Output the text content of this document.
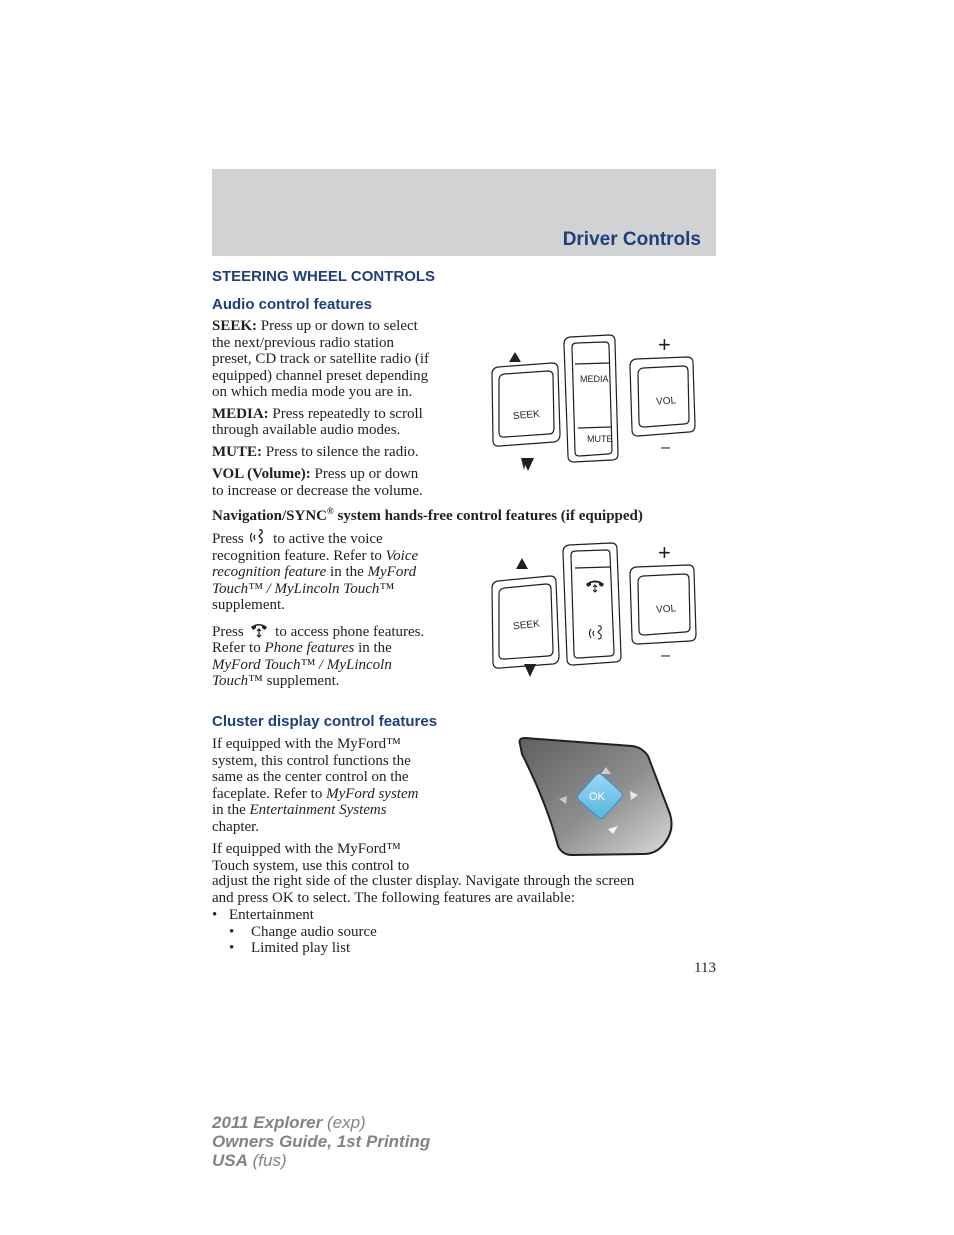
Driver Controls
STEERING WHEEL CONTROLS
Audio control features
SEEK: Press up or down to select
the next/previous radio station
preset, CD track or satellite radio (if
equipped) channel preset depending
on which media mode you are in.
MEDIA: Press repeatedly to scroll
through available audio modes.
MUTE: Press to silence the radio.
VOL (Volume): Press up or down
to increase or decrease the volume.
SEEK
MEDIA
MUTE
VOL
+
–
Navigation/SYNC® system hands-free control features (if equipped)
Press  to active the voice
recognition feature. Refer to Voice
recognition feature in the MyFord
Touch™ / MyLincoln Touch™
supplement.
Press  to access phone features.
Refer to Phone features in the
MyFord Touch™ / MyLincoln
Touch™ supplement.
SEEK
VOL
+
–
Cluster display control features
If equipped with the MyFord™
system, this control functions the
same as the center control on the
faceplate. Refer to MyFord system
in the Entertainment Systems
chapter.
If equipped with the MyFord™
Touch system, use this control to
adjust the right side of the cluster display. Navigate through the screen
and press OK to select. The following features are available:
• Entertainment
• Change audio source
• Limited play list
OK
113
2011 Explorer (exp)
Owners Guide, 1st Printing
USA (fus)
